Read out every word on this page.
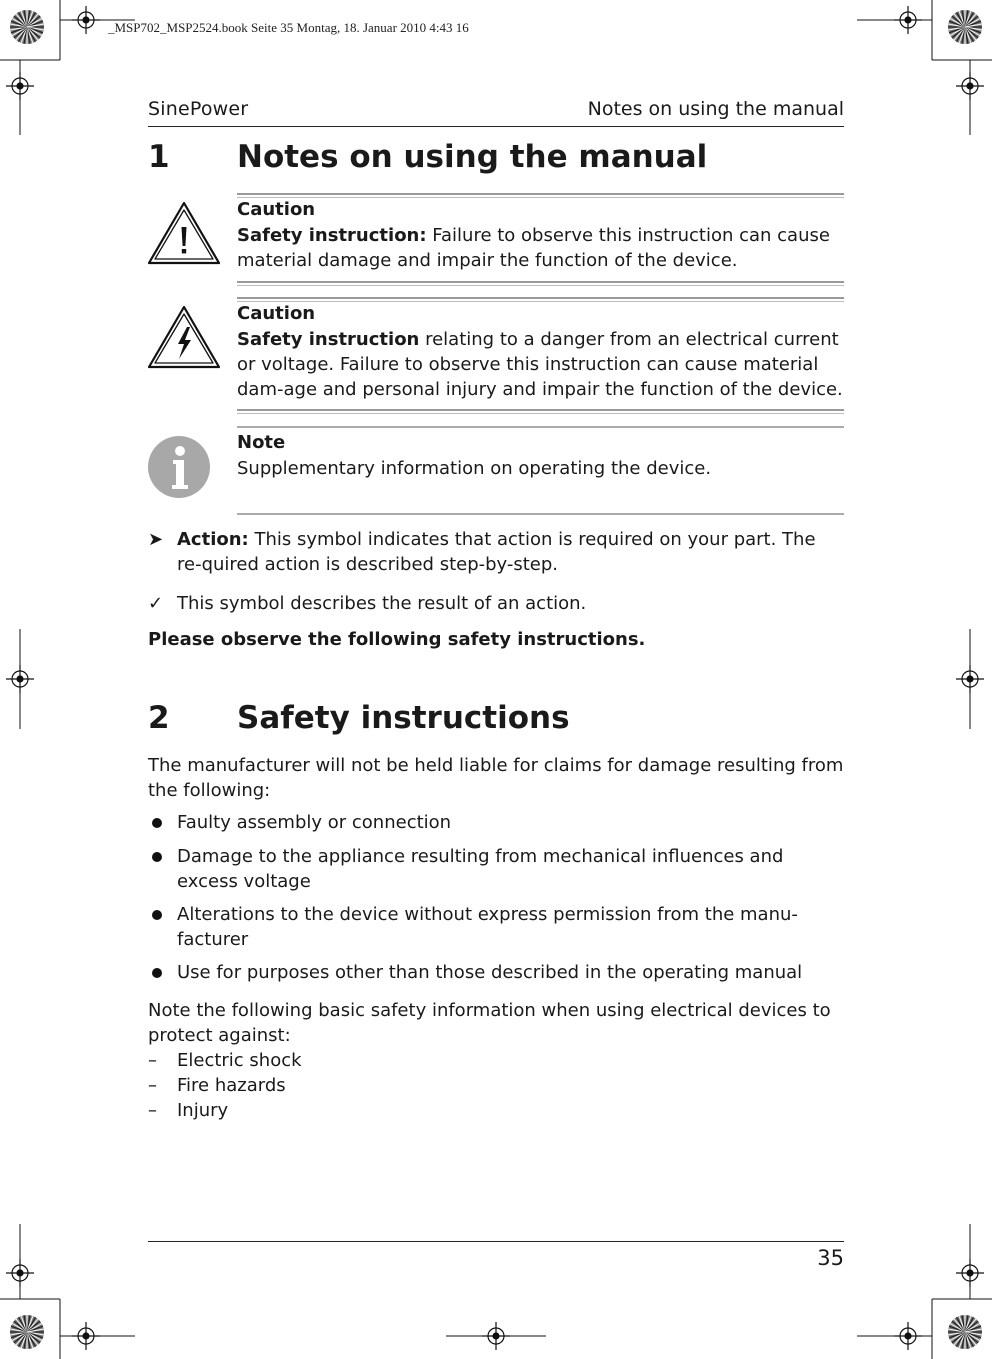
_MSP702_MSP2524.book Seite 35 Montag, 18. Januar 2010 4:43 16
SinePower	Notes on using the manual
1 Notes on using the manual
Caution
Safety instruction: Failure to observe this instruction can cause material damage and impair the function of the device.
Caution
Safety instruction relating to a danger from an electrical current or voltage. Failure to observe this instruction can cause material dam-age and personal injury and impair the function of the device.
Note
Supplementary information on operating the device.
➤ Action: This symbol indicates that action is required on your part. The re-quired action is described step-by-step.
✓ This symbol describes the result of an action.
Please observe the following safety instructions.
2 Safety instructions
The manufacturer will not be held liable for claims for damage resulting from the following:
Faulty assembly or connection
Damage to the appliance resulting from mechanical influences and excess voltage
Alterations to the device without express permission from the manu-facturer
Use for purposes other than those described in the operating manual
Note the following basic safety information when using electrical devices to protect against:
– Electric shock
– Fire hazards
– Injury
35
